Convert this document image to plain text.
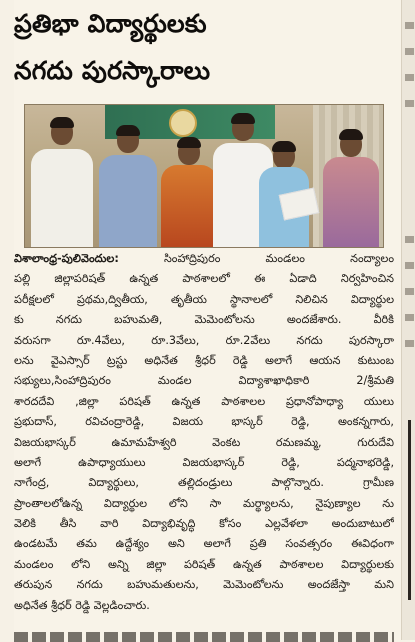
ప్రతిభా విద్యార్థులకు
నగదు పురస్కారాలు
విశాలాంధ్ర-పులివెందుల: సింహాద్రిపురం మండలం నంద్యాలం
పల్లి జిల్లాపరిషత్ ఉన్నత పాఠశాలలో ఈ ఏడాది నిర్వహించిన
పరీక్షలలో ప్రథమ,ద్వితీయ, తృతీయ స్థానాలలో నిలిచిన విద్యార్థుల
కు నగదు బహుమతి, మెమెంటోలను అందజేశారు. వీరికి
వరుసగా రూ.4వేలు, రూ.3వేలు, రూ.2వేలు నగదు పురస్కారా
లను వైఎస్సార్ ట్రస్టు అధినేత శ్రీధర్ రెడ్డి అలాగే ఆయన కుటుంబ
సభ్యులు,సింహాద్రిపురం మండల విద్యాశాఖాధికారి 2/శ్రీమతి
శారదదేవి ,జిల్లా పరిషత్ ఉన్నత పాఠశాలల ప్రధానోపాధ్యా యులు
ప్రభుదాస్, రవిచంద్రారెడ్డి, విజయ భాస్కర్ రెడ్డి, అంకన్నగారు,
విజయభాస్కర్ ఉమామహేశ్వరి వెంకట రమణమ్మ, గురుదేవి
అలాగే ఉపాధ్యాయులు విజయభాస్కర్ రెడ్డి, పద్మనాభరెడ్డి,
నాగేంద్ర, విద్యార్థులు, తల్లిదండ్రులు పాల్గొన్నారు. గ్రామీణ
ప్రాంతాలలోఉన్న విద్యార్థుల లోని సా మర్థ్యాలను, నైపుణ్యాల ను
వెలికి తీసి వారి విద్యాభివృద్ధి కోసం ఎల్లవేళలా అందుబాటులో
ఉండటమే తమ ఉద్దేశ్యం అని అలాగే ప్రతి సంవత్సరం ఈవిధంగా
మండలం లోని అన్ని జిల్లా పరిషత్ ఉన్నత పాఠశాలల విద్యార్థులకు
తరుపున నగదు బహుమతులను, మెమెంటోలను అందజేస్తా మని
అధినేత శ్రీధర్ రెడ్డి వెల్లడించారు.
